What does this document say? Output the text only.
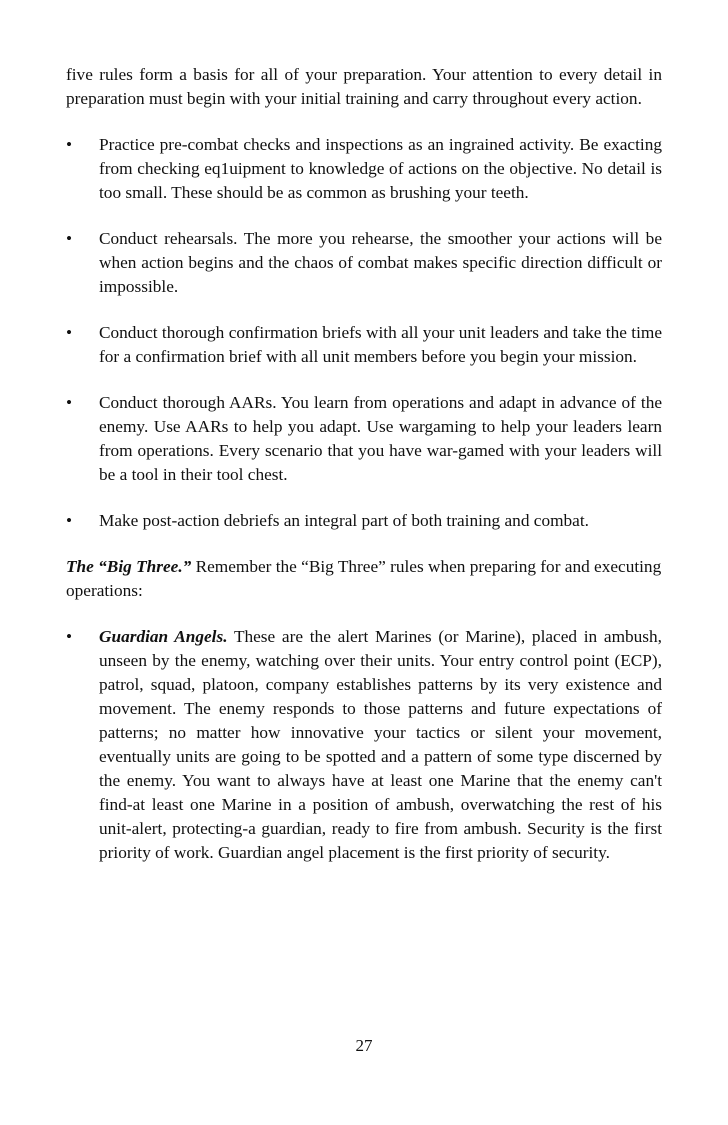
five rules form a basis for all of your preparation. Your attention to every detail in preparation must begin with your initial training and carry throughout every action.

•	Practice pre-combat checks and inspections as an ingrained activity. Be exacting from checking eq1uipment to knowledge of actions on the objective. No detail is too small. These should be as common as brushing your teeth.
•	Conduct rehearsals. The more you rehearse, the smoother your actions will be when action begins and the chaos of combat makes specific direction difficult or impossible.
•	Conduct thorough confirmation briefs with all your unit leaders and take the time for a confirmation brief with all unit members before you begin your mission.
•	Conduct thorough AARs. You learn from operations and adapt in advance of the enemy. Use AARs to help you adapt. Use wargaming to help your leaders learn from operations. Every scenario that you have war-gamed with your leaders will be a tool in their tool chest.
•	Make post-action debriefs an integral part of both training and combat.

The “Big Three.” Remember the “Big Three” rules when preparing for and executing operations:

•	Guardian Angels. These are the alert Marines (or Marine), placed in ambush, unseen by the enemy, watching over their units. Your entry control point (ECP), patrol, squad, platoon, company establishes patterns by its very existence and movement. The enemy responds to those patterns and future expectations of patterns; no matter how innovative your tactics or silent your movement, eventually units are going to be spotted and a pattern of some type discerned by the enemy. You want to always have at least one Marine that the enemy can't find-at least one Marine in a position of ambush, overwatching the rest of his unit-alert, protecting-a guardian, ready to fire from ambush. Security is the first priority of work. Guardian angel placement is the first priority of security.
27
